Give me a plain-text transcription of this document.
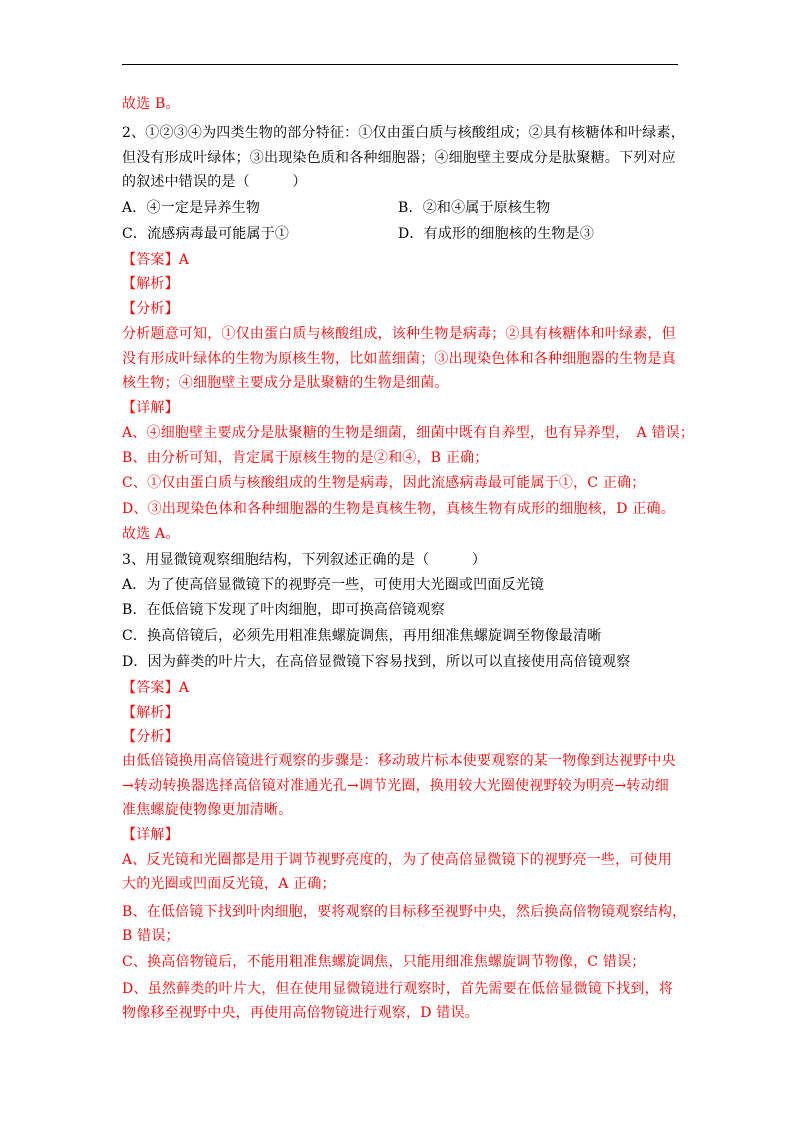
故选 B。
2、①②③④为四类生物的部分特征：①仅由蛋白质与核酸组成；②具有核糖体和叶绿素，
但没有形成叶绿体；③出现染色质和各种细胞器；④细胞壁主要成分是肽聚糖。下列对应
的叙述中错误的是（　　　）
A．④一定是异养生物	B．②和④属于原核生物
C．流感病毒最可能属于①	D．有成形的细胞核的生物是③
【答案】A
【解析】
【分析】
分析题意可知，①仅由蛋白质与核酸组成，该种生物是病毒；②具有核糖体和叶绿素，但
没有形成叶绿体的生物为原核生物，比如蓝细菌；③出现染色体和各种细胞器的生物是真
核生物；④细胞壁主要成分是肽聚糖的生物是细菌。
【详解】
A、④细胞壁主要成分是肽聚糖的生物是细菌，细菌中既有自养型，也有异养型，　A 错误；
B、由分析可知，肯定属于原核生物的是②和④，B 正确；
C、①仅由蛋白质与核酸组成的生物是病毒，因此流感病毒最可能属于①，C 正确；
D、③出现染色体和各种细胞器的生物是真核生物，真核生物有成形的细胞核，D 正确。
故选 A。
3、用显微镜观察细胞结构，下列叙述正确的是（　　　）
A．为了使高倍显微镜下的视野亮一些，可使用大光圈或凹面反光镜
B．在低倍镜下发现了叶肉细胞，即可换高倍镜观察
C．换高倍镜后，必须先用粗准焦螺旋调焦，再用细准焦螺旋调至物像最清晰
D．因为藓类的叶片大，在高倍显微镜下容易找到，所以可以直接使用高倍镜观察
【答案】A
【解析】
【分析】
由低倍镜换用高倍镜进行观察的步骤是：移动玻片标本使要观察的某一物像到达视野中央
→转动转换器选择高倍镜对准通光孔→调节光圈，换用较大光圈使视野较为明亮→转动细
准焦螺旋使物像更加清晰。
【详解】
A、反光镜和光圈都是用于调节视野亮度的，为了使高倍显微镜下的视野亮一些，可使用
大的光圈或凹面反光镜，A 正确；
B、在低倍镜下找到叶肉细胞，要将观察的目标移至视野中央，然后换高倍物镜观察结构，
B 错误；
C、换高倍物镜后，不能用粗准焦螺旋调焦，只能用细准焦螺旋调节物像，C 错误；
D、虽然藓类的叶片大，但在使用显微镜进行观察时，首先需要在低倍显微镜下找到，将
物像移至视野中央，再使用高倍物镜进行观察，D 错误。
